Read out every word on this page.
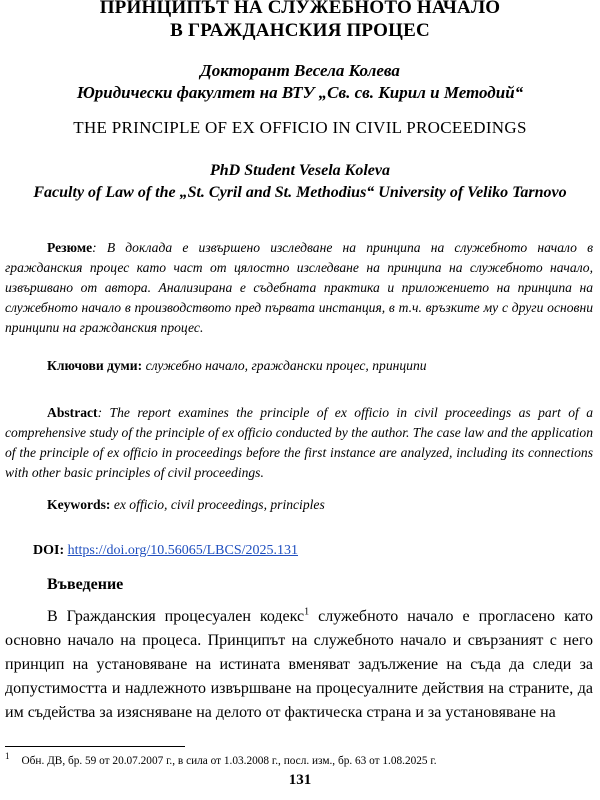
ПРИНЦИПЪТ НА СЛУЖЕБНОТО НАЧАЛО
В ГРАЖДАНСКИЯ ПРОЦЕС
Докторант Весела Колева
Юридически факултет на ВТУ „Св. св. Кирил и Методий“
THE PRINCIPLE OF EX OFFICIO IN CIVIL PROCEEDINGS
PhD Student Vesela Koleva
Faculty of Law of the „St. Cyril and St. Methodius“ University of Veliko Tarnovo

Резюме: В доклада е извършено изследване на принципа на служебното начало в гражданския процес като част от цялостно изследване на принципа на служебното начало, извършвано от автора. Анализирана е съдебната практика и приложението на принципа на служебното начало в производството пред първата инстанция, в т.ч. връзките му с други основни принципи на гражданския процес.

Ключови думи: служебно начало, граждански процес, принципи

Abstract: The report examines the principle of ex officio in civil proceedings as part of a comprehensive study of the principle of ex officio conducted by the author. The case law and the application of the principle of ex officio in proceedings before the first instance are analyzed, including its connections with other basic principles of civil proceedings.

Keywords: ex officio, civil proceedings, principles
DOI: https://doi.org/10.56065/LBCS/2025.131
Въведение

В Гражданския процесуален кодекс$^1$ служебното начало е прогласено като основно начало на процеса. Принципът на служебното начало и свързаният с него принцип на установяване на истината вменяват задължение на съда да следи за допустимостта и надлежното извършване на процесуалните действия на страните, да им съдейства за изясняване на делото от фактическа страна и за установяване на

$^1$ Обн. ДВ, бр. 59 от 20.07.2007 г., в сила от 1.03.2008 г., посл. изм., бр. 63 от 1.08.2025 г.
131
